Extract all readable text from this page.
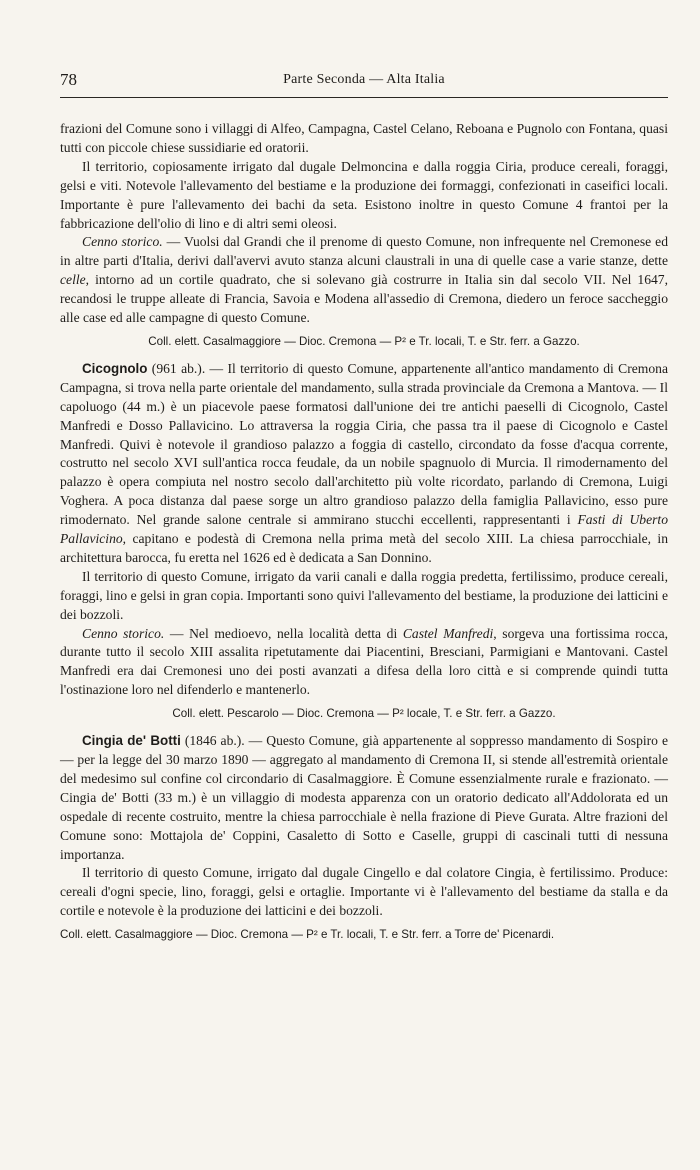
78	Parte Seconda — Alta Italia

frazioni del Comune sono i villaggi di Alfeo, Campagna, Castel Celano, Reboana e Pugnolo con Fontana, quasi tutti con piccole chiese sussidiarie ed oratorii.

Il territorio, copiosamente irrigato dal dugale Delmoncina e dalla roggia Ciria, produce cereali, foraggi, gelsi e viti. Notevole l'allevamento del bestiame e la produzione dei formaggi, confezionati in caseifici locali. Importante è pure l'allevamento dei bachi da seta. Esistono inoltre in questo Comune 4 frantoi per la fabbricazione dell'olio di lino e di altri semi oleosi.

Cenno storico. — Vuolsi dal Grandi che il prenome di questo Comune, non infrequente nel Cremonese ed in altre parti d'Italia, derivi dall'avervi avuto stanza alcuni claustrali in una di quelle case a varie stanze, dette celle, intorno ad un cortile quadrato, che si solevano già costrurre in Italia sin dal secolo VII. Nel 1647, recandosi le truppe alleate di Francia, Savoia e Modena all'assedio di Cremona, diedero un feroce saccheggio alle case ed alle campagne di questo Comune.

Coll. elett. Casalmaggiore — Dioc. Cremona — P² e Tr. locali, T. e Str. ferr. a Gazzo.

Cicognolo (961 ab.). — Il territorio di questo Comune, appartenente all'antico mandamento di Cremona Campagna, si trova nella parte orientale del mandamento, sulla strada provinciale da Cremona a Mantova. — Il capoluogo (44 m.) è un piacevole paese formatosi dall'unione dei tre antichi paeselli di Cicognolo, Castel Manfredi e Dosso Pallavicino. Lo attraversa la roggia Ciria, che passa tra il paese di Cicognolo e Castel Manfredi. Quivi è notevole il grandioso palazzo a foggia di castello, circondato da fosse d'acqua corrente, costrutto nel secolo XVI sull'antica rocca feudale, da un nobile spagnuolo di Murcia. Il rimodernamento del palazzo è opera compiuta nel nostro secolo dall'architetto più volte ricordato, parlando di Cremona, Luigi Voghera. A poca distanza dal paese sorge un altro grandioso palazzo della famiglia Pallavicino, esso pure rimodernato. Nel grande salone centrale si ammirano stucchi eccellenti, rappresentanti i Fasti di Uberto Pallavicino, capitano e podestà di Cremona nella prima metà del secolo XIII. La chiesa parrocchiale, in architettura barocca, fu eretta nel 1626 ed è dedicata a San Donnino.

Il territorio di questo Comune, irrigato da varii canali e dalla roggia predetta, fertilissimo, produce cereali, foraggi, lino e gelsi in gran copia. Importanti sono quivi l'allevamento del bestiame, la produzione dei latticini e dei bozzoli.

Cenno storico. — Nel medioevo, nella località detta di Castel Manfredi, sorgeva una fortissima rocca, durante tutto il secolo XIII assalita ripetutamente dai Piacentini, Bresciani, Parmigiani e Mantovani. Castel Manfredi era dai Cremonesi uno dei posti avanzati a difesa della loro città e si comprende quindi tutta l'ostinazione loro nel difenderlo e mantenerlo.

Coll. elett. Pescarolo — Dioc. Cremona — P² locale, T. e Str. ferr. a Gazzo.

Cingia de' Botti (1846 ab.). — Questo Comune, già appartenente al soppresso mandamento di Sospiro e — per la legge del 30 marzo 1890 — aggregato al mandamento di Cremona II, si stende all'estremità orientale del medesimo sul confine col circondario di Casalmaggiore. È Comune essenzialmente rurale e frazionato. — Cingia de' Botti (33 m.) è un villaggio di modesta apparenza con un oratorio dedicato all'Addolorata ed un ospedale di recente costruito, mentre la chiesa parrocchiale è nella frazione di Pieve Gurata. Altre frazioni del Comune sono: Mottajola de' Coppini, Casaletto di Sotto e Caselle, gruppi di cascinali tutti di nessuna importanza.

Il territorio di questo Comune, irrigato dal dugale Cingello e dal colatore Cingia, è fertilissimo. Produce: cereali d'ogni specie, lino, foraggi, gelsi e ortaglie. Importante vi è l'allevamento del bestiame da stalla e da cortile e notevole è la produzione dei latticini e dei bozzoli.

Coll. elett. Casalmaggiore — Dioc. Cremona — P² e Tr. locali, T. e Str. ferr. a Torre de' Picenardi.
